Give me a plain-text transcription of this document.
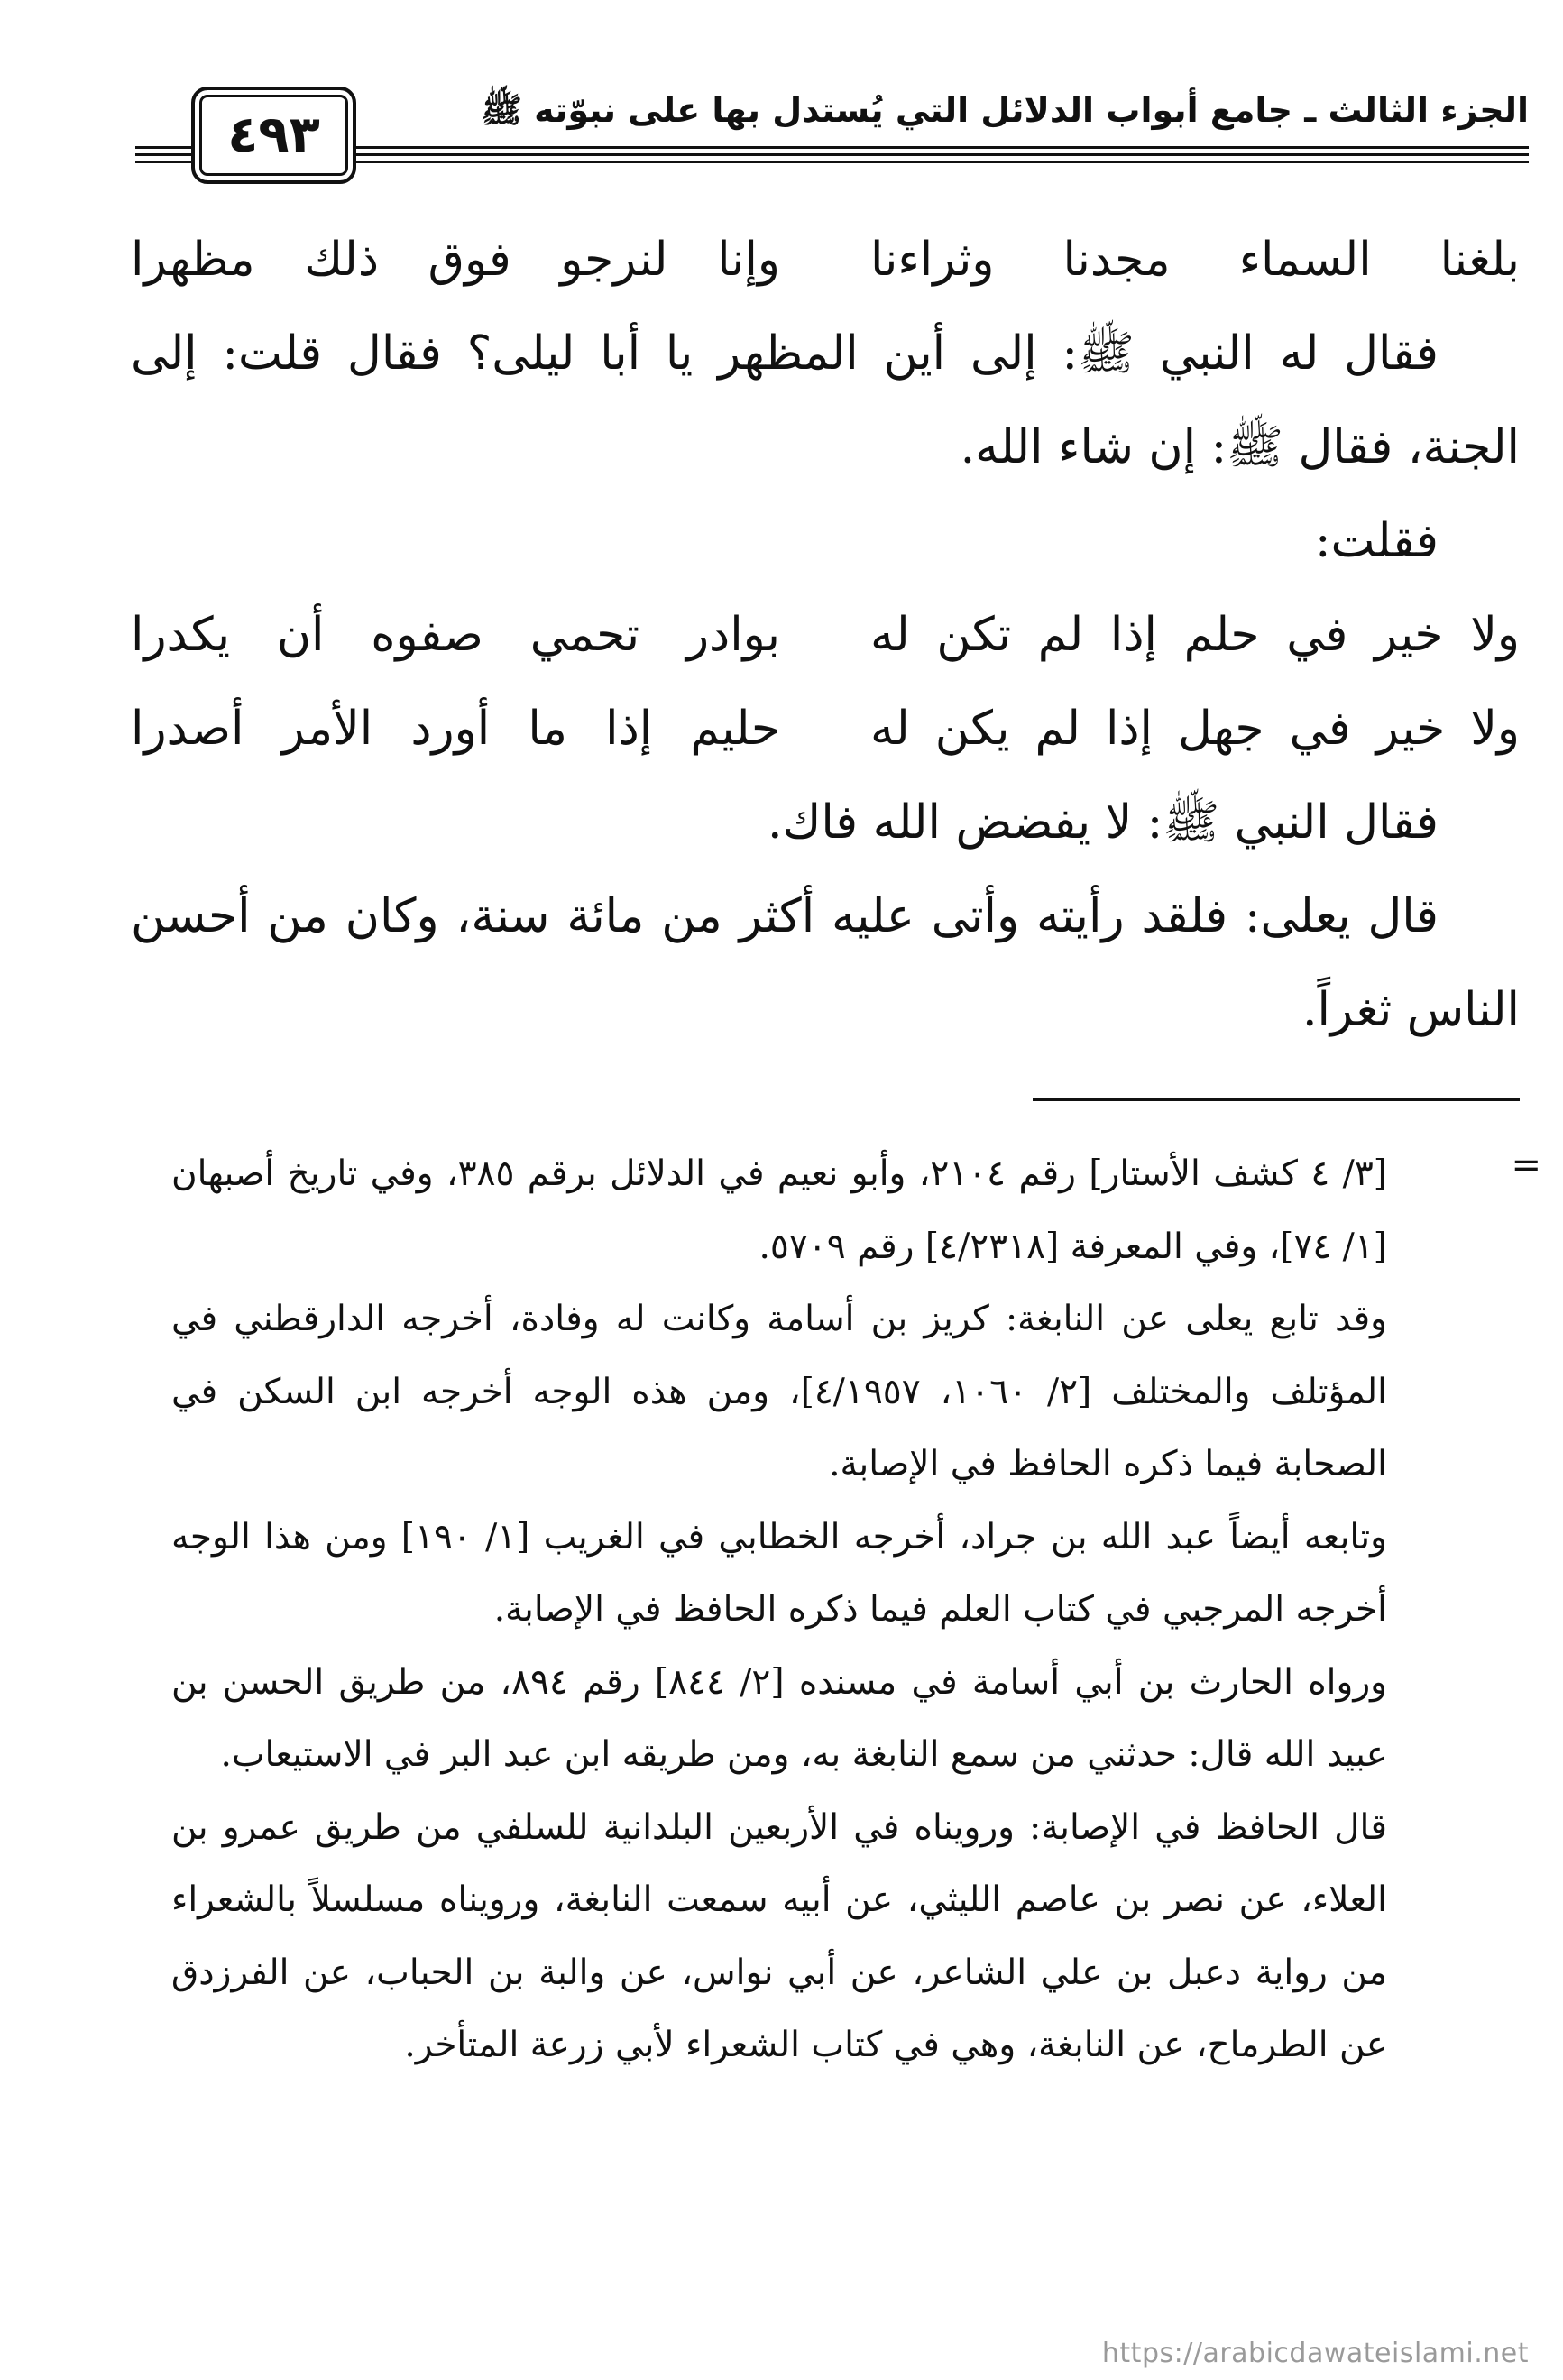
الجزء الثالث ـ جامع أبواب الدلائل التي يُستدل بها على نبوّته ﷺ
٤٩٣
بلغنا السماء مجدنا وثراءنا
وإنا لنرجو فوق ذلك مظهرا

فقال له النبي ﷺ: إلى أين المظهر يا أبا ليلى؟ فقال قلت: إلى الجنة، فقال ﷺ: إن شاء الله.

فقلت:

ولا خير في حلم إذا لم تكن له
بوادر تحمي صفوه أن يكدرا
ولا خير في جهل إذا لم يكن له
حليم إذا ما أورد الأمر أصدرا

فقال النبي ﷺ: لا يفضض الله فاك.

قال يعلى: فلقد رأيته وأتى عليه أكثر من مائة سنة، وكان من أحسن الناس ثغراً.

=

[٣/ ٤ كشف الأستار] رقم ٢١٠٤، وأبو نعيم في الدلائل برقم ٣٨٥، وفي تاريخ أصبهان [١/ ٧٤]، وفي المعرفة [٤/٢٣١٨] رقم ٥٧٠٩.

وقد تابع يعلى عن النابغة: كريز بن أسامة وكانت له وفادة، أخرجه الدارقطني في المؤتلف والمختلف [٢/ ١٠٦٠، ٤/١٩٥٧]، ومن هذه الوجه أخرجه ابن السكن في الصحابة فيما ذكره الحافظ في الإصابة.

وتابعه أيضاً عبد الله بن جراد، أخرجه الخطابي في الغريب [١/ ١٩٠] ومن هذا الوجه أخرجه المرجبي في كتاب العلم فيما ذكره الحافظ في الإصابة.

ورواه الحارث بن أبي أسامة في مسنده [٢/ ٨٤٤] رقم ٨٩٤، من طريق الحسن بن عبيد الله قال: حدثني من سمع النابغة به، ومن طريقه ابن عبد البر في الاستيعاب.

قال الحافظ في الإصابة: ورويناه في الأربعين البلدانية للسلفي من طريق عمرو بن العلاء، عن نصر بن عاصم الليثي، عن أبيه سمعت النابغة، ورويناه مسلسلاً بالشعراء من رواية دعبل بن علي الشاعر، عن أبي نواس، عن والبة بن الحباب، عن الفرزدق عن الطرماح، عن النابغة، وهي في كتاب الشعراء لأبي زرعة المتأخر.

https://arabicdawateislami.net
